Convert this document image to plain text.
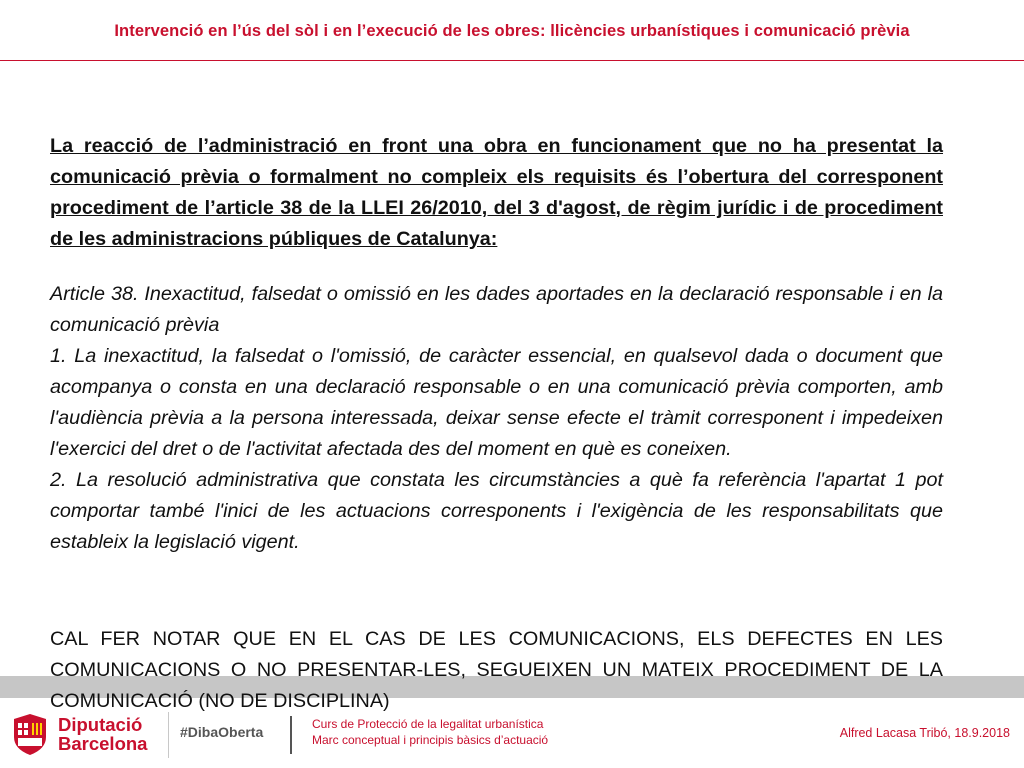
Intervenció en l’ús del sòl i en l’execució de les obres: llicències urbanístiques i comunicació prèvia

La reacció de l’administració en front una obra en funcionament que no ha presentat la comunicació prèvia o formalment no compleix els requisits és l’obertura del corresponent procediment de l’article 38 de la LLEI 26/2010, del 3 d'agost, de règim jurídic i de procediment de les administracions públiques de Catalunya:

Article 38. Inexactitud, falsedat o omissió en les dades aportades en la declaració responsable i en la comunicació prèvia

1. La inexactitud, la falsedat o l'omissió, de caràcter essencial, en qualsevol dada o document que acompanya o consta en una declaració responsable o en una comunicació prèvia comporten, amb l'audiència prèvia a la persona interessada, deixar sense efecte el tràmit corresponent i impedeixen l'exercici del dret o de l'activitat afectada des del moment en què es coneixen.

2. La resolució administrativa que constata les circumstàncies a què fa referència l'apartat 1 pot comportar també l'inici de les actuacions corresponents i l'exigència de les responsabilitats que estableix la legislació vigent.

CAL FER NOTAR QUE EN EL CAS DE LES COMUNICACIONS, ELS DEFECTES EN LES COMUNICACIONS O NO PRESENTAR-LES, SEGUEIXEN UN MATEIX PROCEDIMENT DE LA COMUNICACIÓ (NO DE DISCIPLINA)
Diputació
Barcelona
#DibaOberta	Curs de Protecció de la legalitat urbanística
Marc conceptual i principis bàsics d’actuació	Alfred Lacasa Tribó, 18.9.2018
